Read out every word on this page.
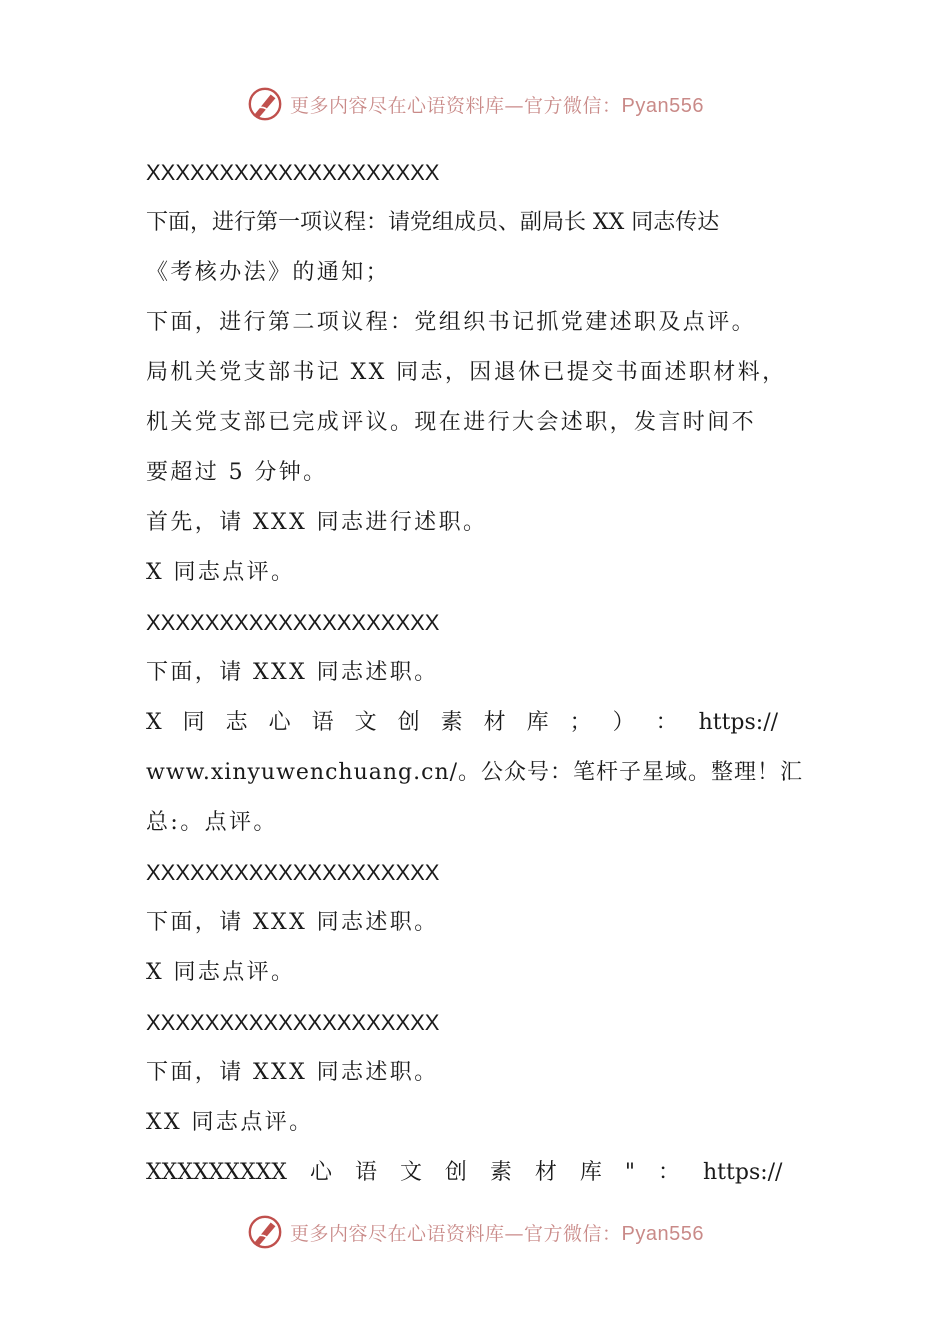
更多内容尽在心语资料库—官方微信：Pyan556
XXXXXXXXXXXXXXXXXXXX
下面，进行第一项议程：请党组成员、副局长 XX 同志传达
《考核办法》的通知；
下面，进行第二项议程：党组织书记抓党建述职及点评。
局机关党支部书记 XX 同志，因退休已提交书面述职材料，
机关党支部已完成评议。现在进行大会述职，发言时间不
要超过 5 分钟。
首先，请 XXX 同志进行述职。
X 同志点评。
XXXXXXXXXXXXXXXXXXXX
下面，请 XXX 同志述职。
X 同 志 心 语 文 创 素 材 库 ； ） ： https://
www.xinyuwenchuang.cn/。公众号：笔杆子星域。整理！汇
总:。点评。
XXXXXXXXXXXXXXXXXXXX
下面，请 XXX 同志述职。
X 同志点评。
XXXXXXXXXXXXXXXXXXXX
下面，请 XXX 同志述职。
XX 同志点评。
XXXXXXXXX 心 语 文 创 素 材 库 " ： https://
更多内容尽在心语资料库—官方微信：Pyan556
